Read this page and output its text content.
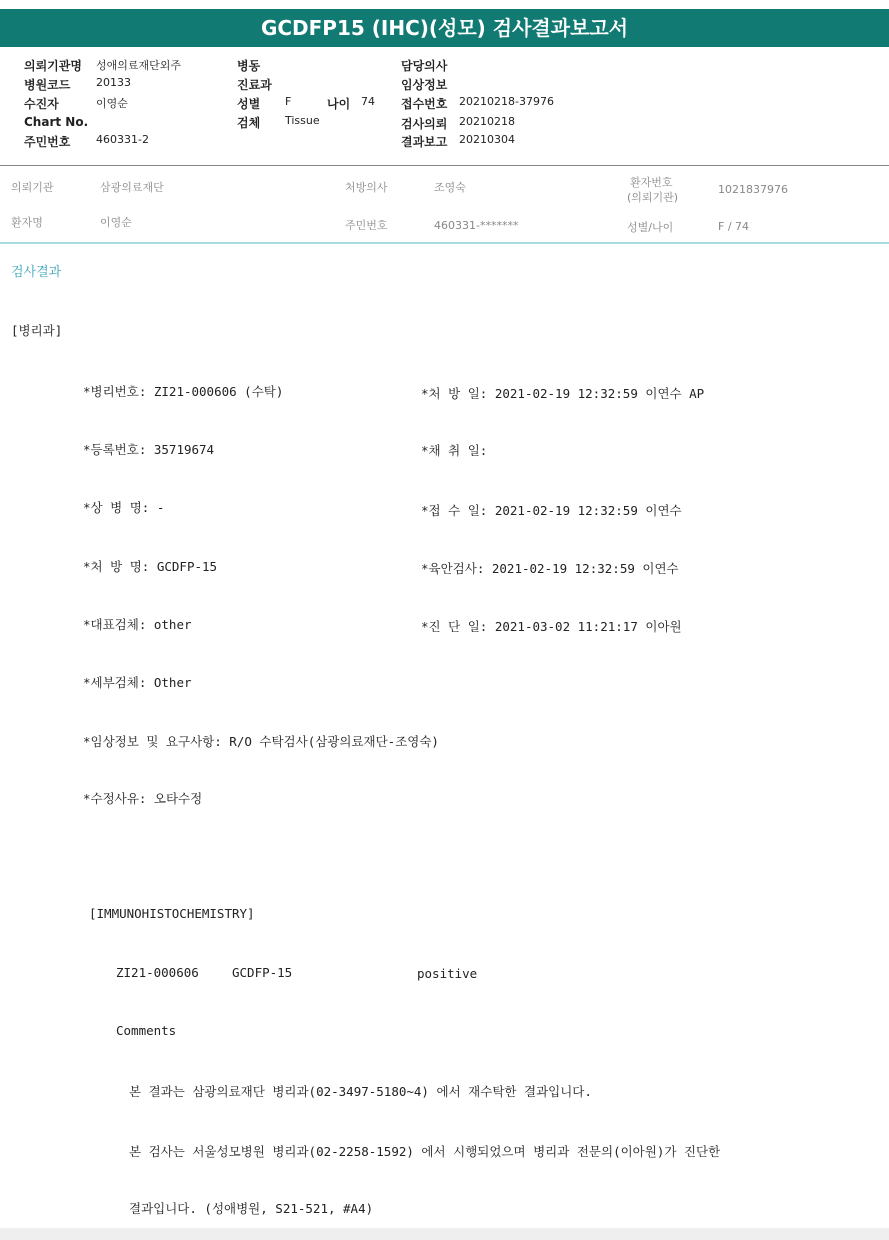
GCDFP15 (IHC)(성모) 검사결과보고서
의뢰기관명 성애의료재단외주
병원코드 20133
수진자	이영순
Chart No.
주민번호 460331-2
병동
진료과
성별 F	나이 74
검체 Tissue
담당의사
임상정보
접수번호 20210218-37976
검사의뢰 20210218
결과보고 20210304
의뢰기관	삼광의료재단	처방의사	조영숙	환자번호
(의뢰기관)
1021837976
환자명	이영순	주민번호	460331-*******	성별/나이	F / 74
검사결과
[병리과]
*병리번호: ZI21-000606 (수탁)	*처 방 일: 2021-02-19 12:32:59 이연수 AP
*등록번호: 35719674	*채 취 일:
*상 병 명: -	*접 수 일: 2021-02-19 12:32:59 이연수
*처 방 명: GCDFP-15	*육안검사: 2021-02-19 12:32:59 이연수
*대표검체: other	*진 단 일: 2021-03-02 11:21:17 이아원
*세부검체: Other
*임상정보 및 요구사항: R/O 수탁검사(삼광의료재단-조영숙)
*수정사유: 오타수정
[IMMUNOHISTOCHEMISTRY]
ZI21-000606	GCDFP-15	positive
Comments
본 결과는 삼광의료재단 병리과(02-3497-5180~4) 에서 재수탁한 결과입니다.
본 검사는 서울성모병원 병리과(02-2258-1592) 에서 시행되었으며 병리과 전문의(이아원)가 진단한
결과입니다. (성애병원, S21-521, #A4)
